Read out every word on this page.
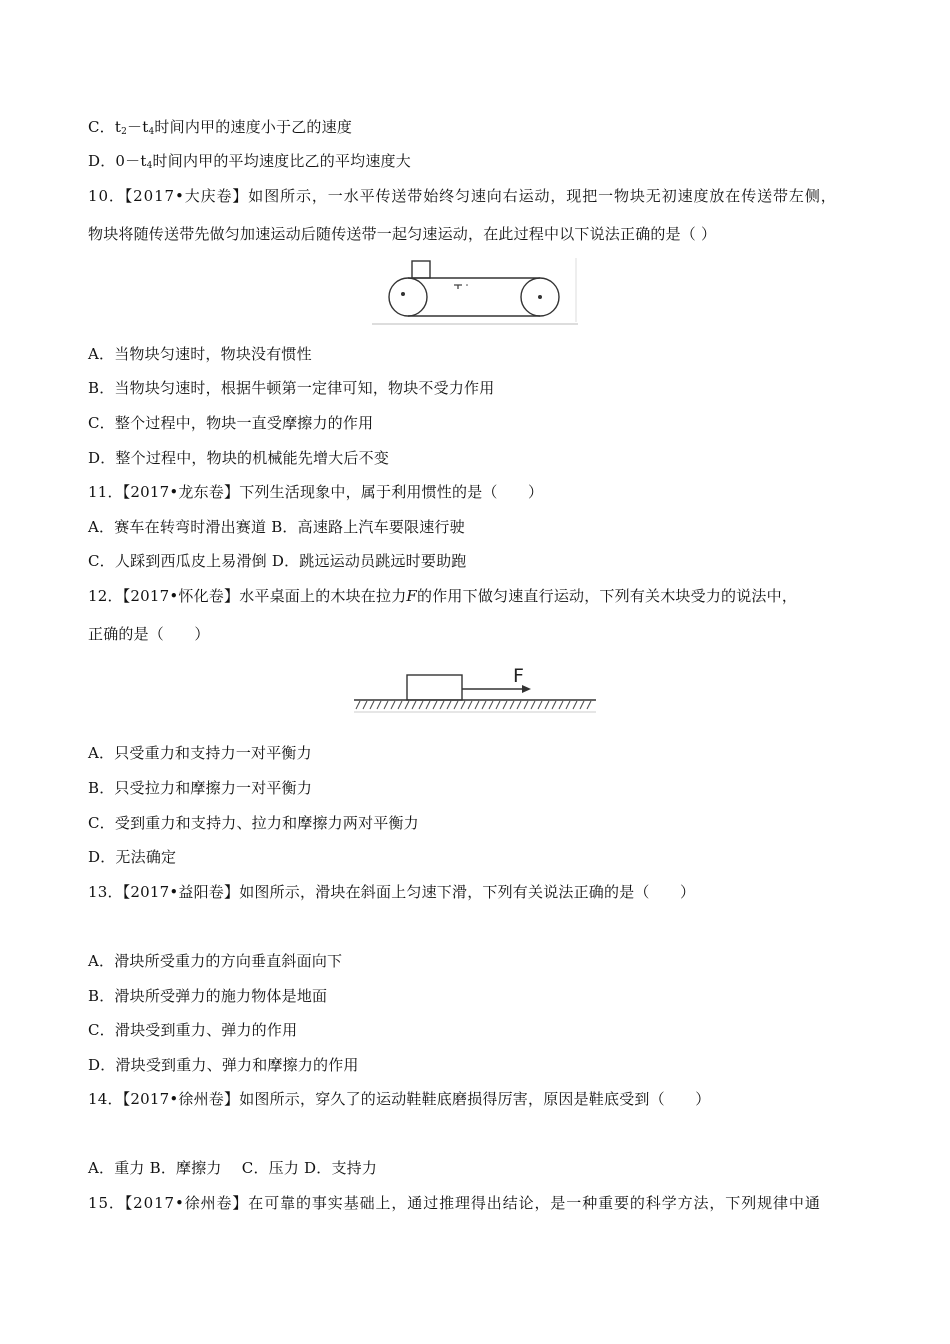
C．$t_2-t_4$时间内甲的速度小于乙的速度
D．$0-t_4$时间内甲的平均速度比乙的平均速度大
10．【2017•大庆卷】如图所示，一水平传送带始终匀速向右运动，现把一物块无初速度放在传送带左侧，
物块将随传送带先做匀加速运动后随传送带一起匀速运动，在此过程中以下说法正确的是（ ）
A．当物块匀速时，物块没有惯性
B．当物块匀速时，根据牛顿第一定律可知，物块不受力作用
C．整个过程中，物块一直受摩擦力的作用
D．整个过程中，物块的机械能先增大后不变
11．【2017•龙东卷】下列生活现象中，属于利用惯性的是（　　）
A．赛车在转弯时滑出赛道 B．高速路上汽车要限速行驶
C．人踩到西瓜皮上易滑倒 D．跳远运动员跳远时要助跑
12．【2017•怀化卷】水平桌面上的木块在拉力F的作用下做匀速直行运动，下列有关木块受力的说法中，
正确的是（　　）
F
A．只受重力和支持力一对平衡力
B．只受拉力和摩擦力一对平衡力
C．受到重力和支持力、拉力和摩擦力两对平衡力
D．无法确定
13．【2017•益阳卷】如图所示，滑块在斜面上匀速下滑，下列有关说法正确的是（　　）
A．滑块所受重力的方向垂直斜面向下
B．滑块所受弹力的施力物体是地面
C．滑块受到重力、弹力的作用
D．滑块受到重力、弹力和摩擦力的作用
14．【2017•徐州卷】如图所示，穿久了的运动鞋鞋底磨损得厉害，原因是鞋底受到（　　）
A．重力 B．摩擦力　 C．压力 D．支持力
15．【2017•徐州卷】在可靠的事实基础上，通过推理得出结论，是一种重要的科学方法，下列规律中通
